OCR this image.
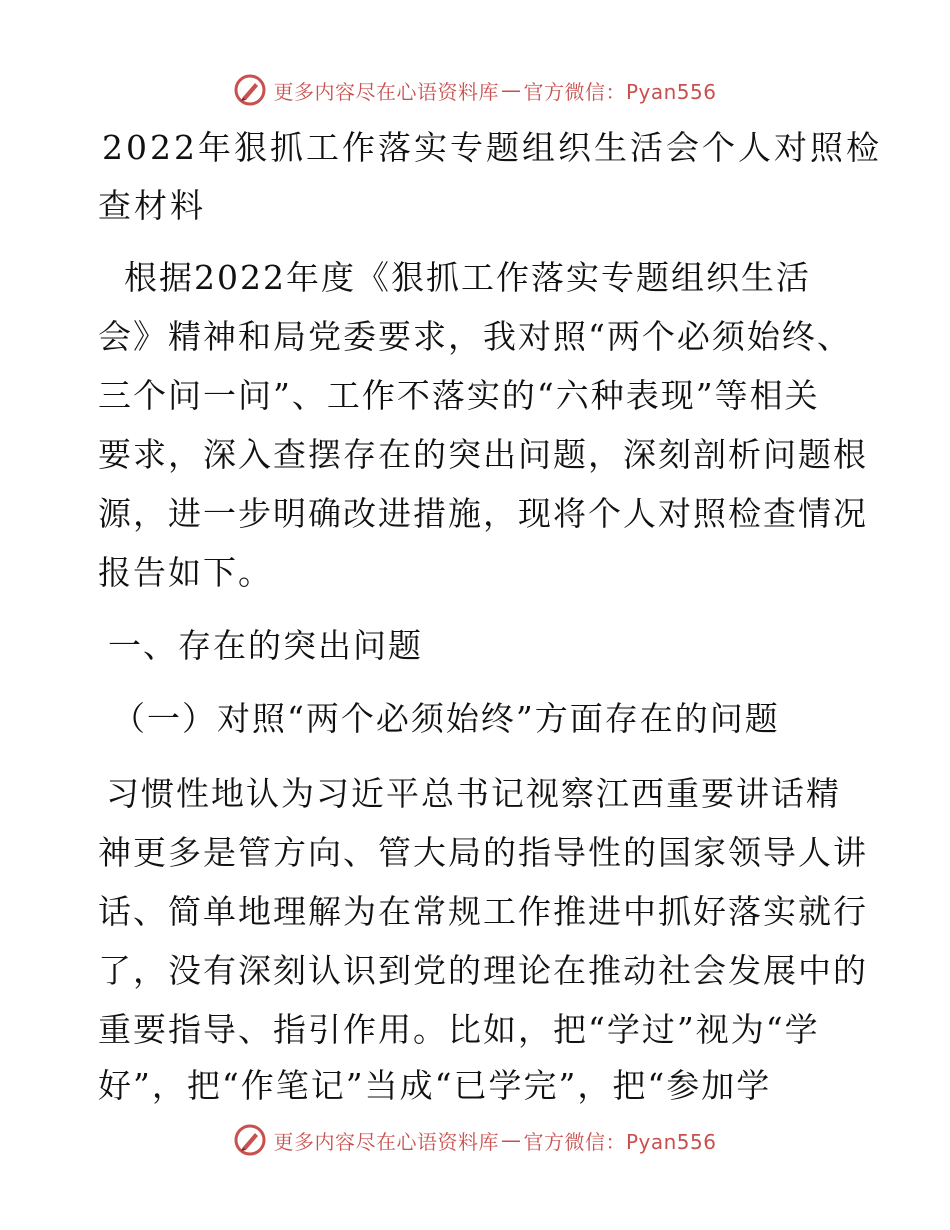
更多内容尽在心语资料库 — 官方微信：Pyan556
2022年狠抓工作落实专题组织生活会个人对照检
查材料
根据2022年度《狠抓工作落实专题组织生活
会》精神和局党委要求，我对照“两个必须始终、
三个问一问”、工作不落实的“六种表现”等相关
要求，深入查摆存在的突出问题，深刻剖析问题根
源，进一步明确改进措施，现将个人对照检查情况
报告如下。
一、存在的突出问题
（一）对照“两个必须始终”方面存在的问题
习惯性地认为习近平总书记视察江西重要讲话精
神更多是管方向、管大局的指导性的国家领导人讲
话、简单地理解为在常规工作推进中抓好落实就行
了，没有深刻认识到党的理论在推动社会发展中的
重要指导、指引作用。比如，把“学过”视为“学
好”，把“作笔记”当成“已学完”，把“参加学
更多内容尽在心语资料库 — 官方微信：Pyan556
